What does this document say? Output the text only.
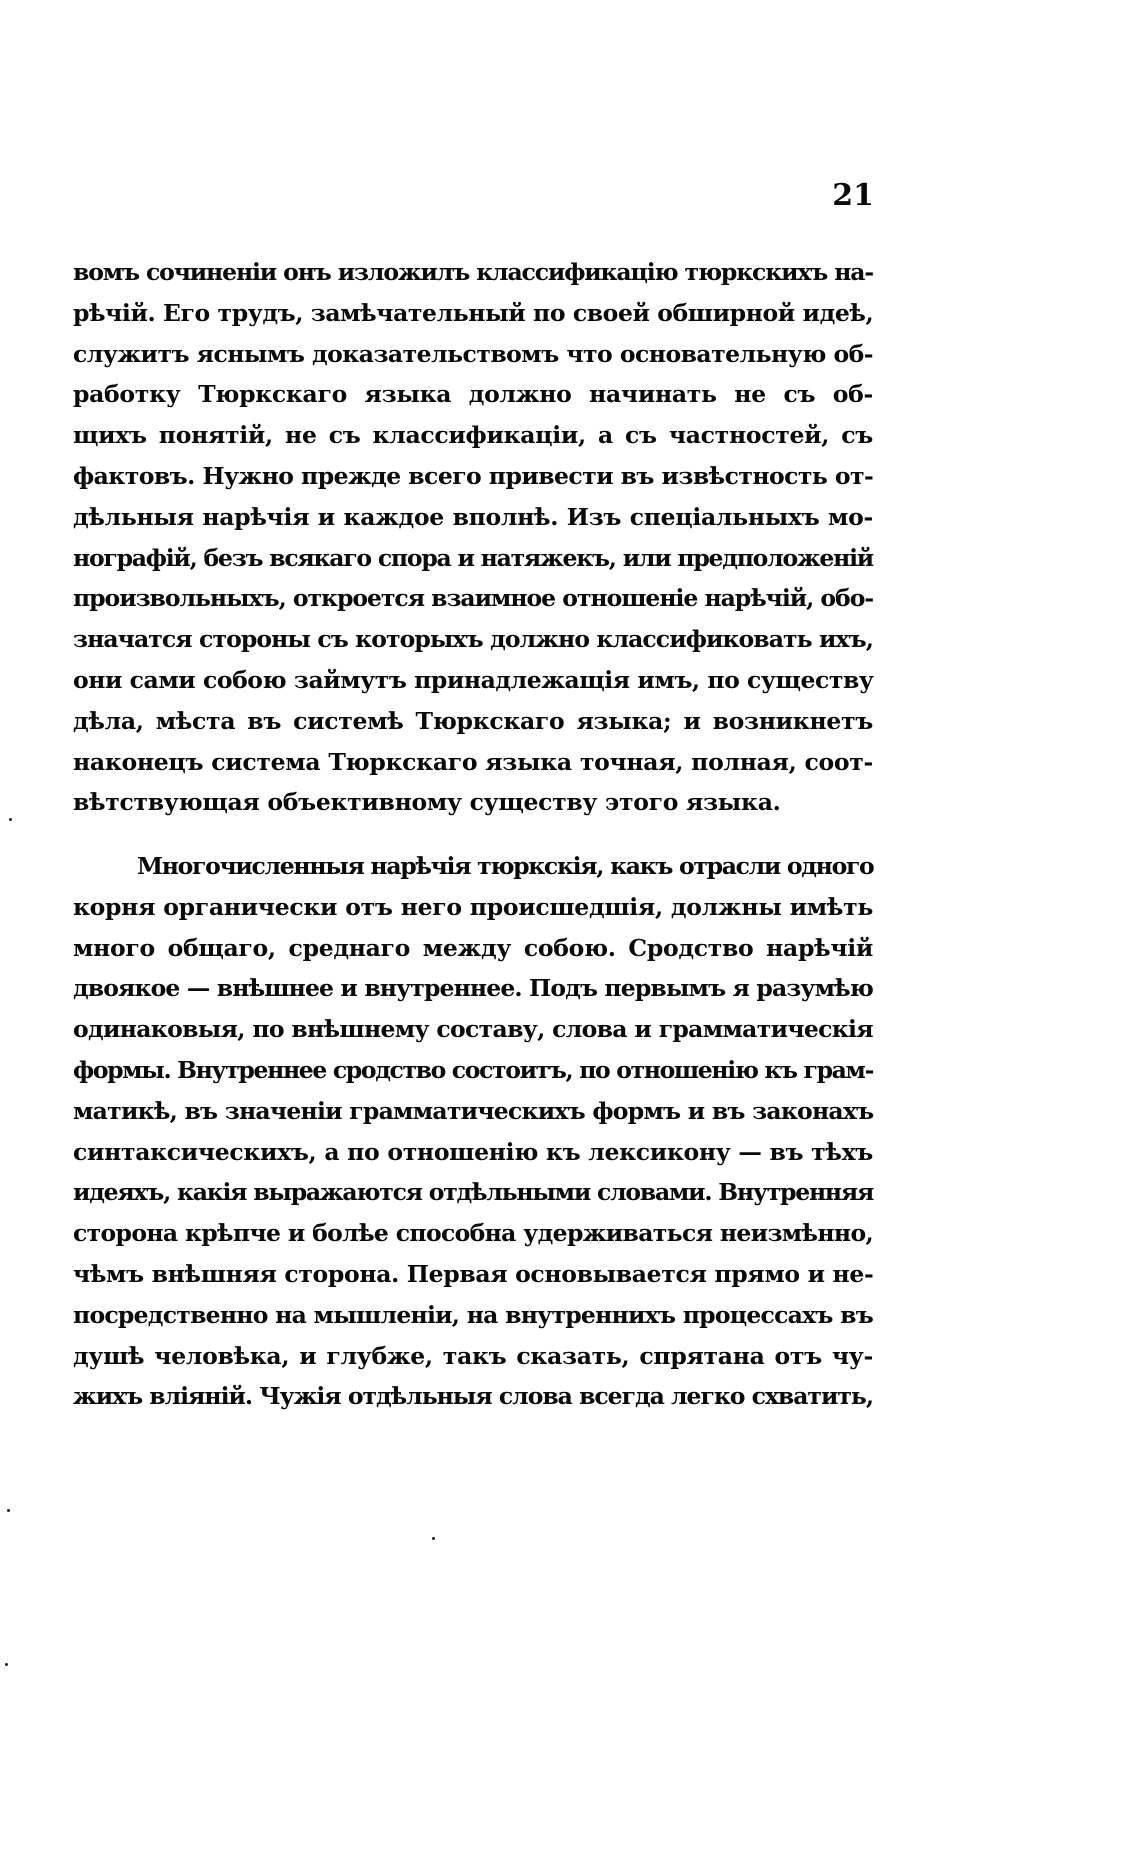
21
вомъ сочиненіи онъ изложилъ классификацію тюркскихъ на-
рѣчій. Его трудъ, замѣчательный по своей обширной идеѣ,
служитъ яснымъ доказательствомъ что основательную об-
работку Тюркскаго языка должно начинать не съ об-
щихъ понятій, не съ классификаціи, а съ частностей, съ
фактовъ. Нужно прежде всего привести въ извѣстность от-
дѣльныя нарѣчія и каждое вполнѣ. Изъ спеціальныхъ мо-
нографій, безъ всякаго спора и натяжекъ, или предположеній
произвольныхъ, откроется взаимное отношеніе нарѣчій, обо-
значатся стороны съ которыхъ должно классификовать ихъ,
они сами собою займутъ принадлежащія имъ, по существу
дѣла, мѣста въ системѣ Тюркскаго языка; и возникнетъ
наконецъ система Тюркскаго языка точная, полная, соот-
вѣтствующая объективному существу этого языка.
Многочисленныя нарѣчія тюркскія, какъ отрасли одного
корня органически отъ него происшедшія, должны имѣть
много общаго, среднаго между собою. Сродство нарѣчій
двоякое — внѣшнее и внутреннее. Подъ первымъ я разумѣю
одинаковыя, по внѣшнему составу, слова и грамматическія
формы. Внутреннее сродство состоитъ, по отношенію къ грам-
матикѣ, въ значеніи грамматическихъ формъ и въ законахъ
синтаксическихъ, а по отношенію къ лексикону — въ тѣхъ
идеяхъ, какія выражаются отдѣльными словами. Внутренняя
сторона крѣпче и болѣе способна удерживаться неизмѣнно,
чѣмъ внѣшняя сторона. Первая основывается прямо и не-
посредственно на мышленіи, на внутреннихъ процессахъ въ
душѣ человѣка, и глубже, такъ сказать, спрятана отъ чу-
жихъ вліяній. Чужія отдѣльныя слова всегда легко схватить,
